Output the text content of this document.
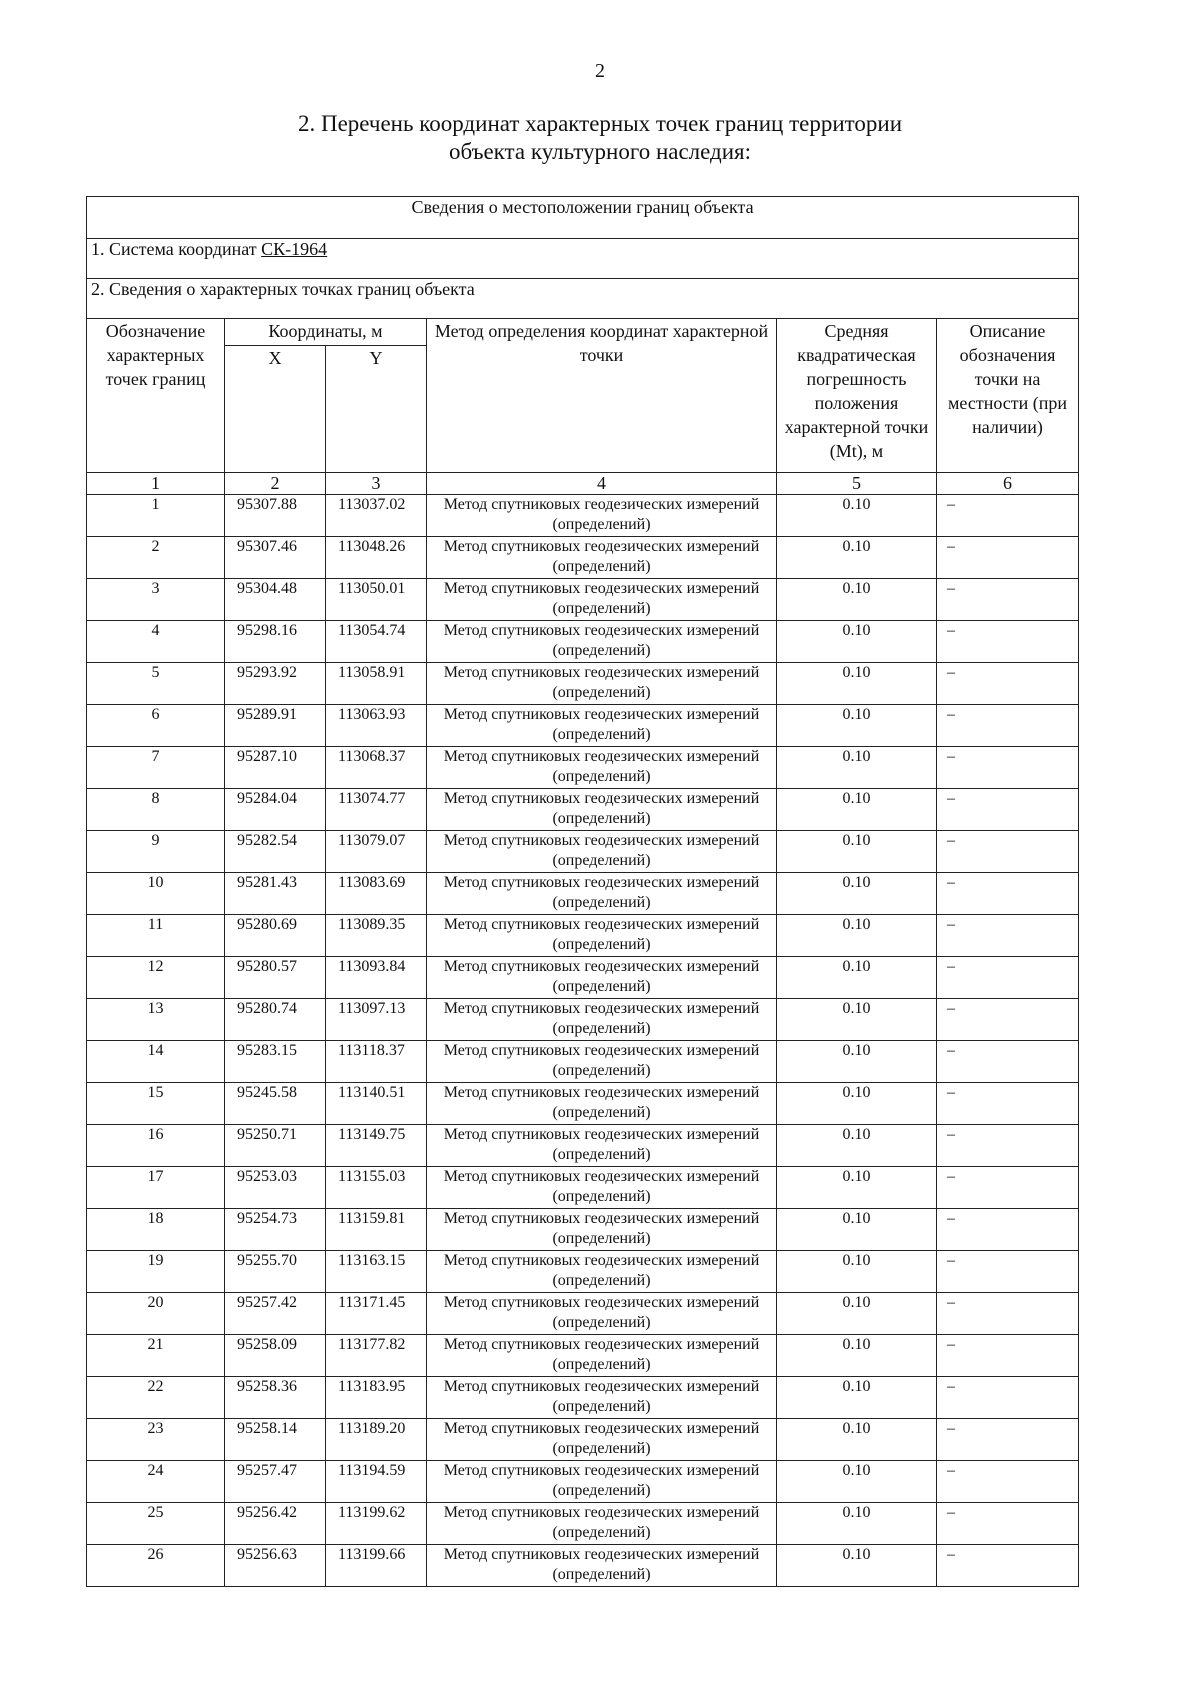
2
2. Перечень координат характерных точек границ территории
объекта культурного наследия:
Сведения о местоположении границ объекта					
1. Система координат СК-1964					
2. Сведения о характерных точках границ объекта					
Обозначение характерных точек границ	Координаты, м		Метод определения координат характерной точки	Средняя квадратическая погрешность положения характерной точки (Mt), м	Описание обозначения точки на местности (при наличии)
	X	Y			
1	2	3	4	5	6
1	95307.88	113037.02	Метод спутниковых геодезических измерений (определений)	0.10	–
2	95307.46	113048.26	Метод спутниковых геодезических измерений (определений)	0.10	–
3	95304.48	113050.01	Метод спутниковых геодезических измерений (определений)	0.10	–
4	95298.16	113054.74	Метод спутниковых геодезических измерений (определений)	0.10	–
5	95293.92	113058.91	Метод спутниковых геодезических измерений (определений)	0.10	–
6	95289.91	113063.93	Метод спутниковых геодезических измерений (определений)	0.10	–
7	95287.10	113068.37	Метод спутниковых геодезических измерений (определений)	0.10	–
8	95284.04	113074.77	Метод спутниковых геодезических измерений (определений)	0.10	–
9	95282.54	113079.07	Метод спутниковых геодезических измерений (определений)	0.10	–
10	95281.43	113083.69	Метод спутниковых геодезических измерений (определений)	0.10	–
11	95280.69	113089.35	Метод спутниковых геодезических измерений (определений)	0.10	–
12	95280.57	113093.84	Метод спутниковых геодезических измерений (определений)	0.10	–
13	95280.74	113097.13	Метод спутниковых геодезических измерений (определений)	0.10	–
14	95283.15	113118.37	Метод спутниковых геодезических измерений (определений)	0.10	–
15	95245.58	113140.51	Метод спутниковых геодезических измерений (определений)	0.10	–
16	95250.71	113149.75	Метод спутниковых геодезических измерений (определений)	0.10	–
17	95253.03	113155.03	Метод спутниковых геодезических измерений (определений)	0.10	–
18	95254.73	113159.81	Метод спутниковых геодезических измерений (определений)	0.10	–
19	95255.70	113163.15	Метод спутниковых геодезических измерений (определений)	0.10	–
20	95257.42	113171.45	Метод спутниковых геодезических измерений (определений)	0.10	–
21	95258.09	113177.82	Метод спутниковых геодезических измерений (определений)	0.10	–
22	95258.36	113183.95	Метод спутниковых геодезических измерений (определений)	0.10	–
23	95258.14	113189.20	Метод спутниковых геодезических измерений (определений)	0.10	–
24	95257.47	113194.59	Метод спутниковых геодезических измерений (определений)	0.10	–
25	95256.42	113199.62	Метод спутниковых геодезических измерений (определений)	0.10	–
26	95256.63	113199.66	Метод спутниковых геодезических измерений (определений)	0.10	–
